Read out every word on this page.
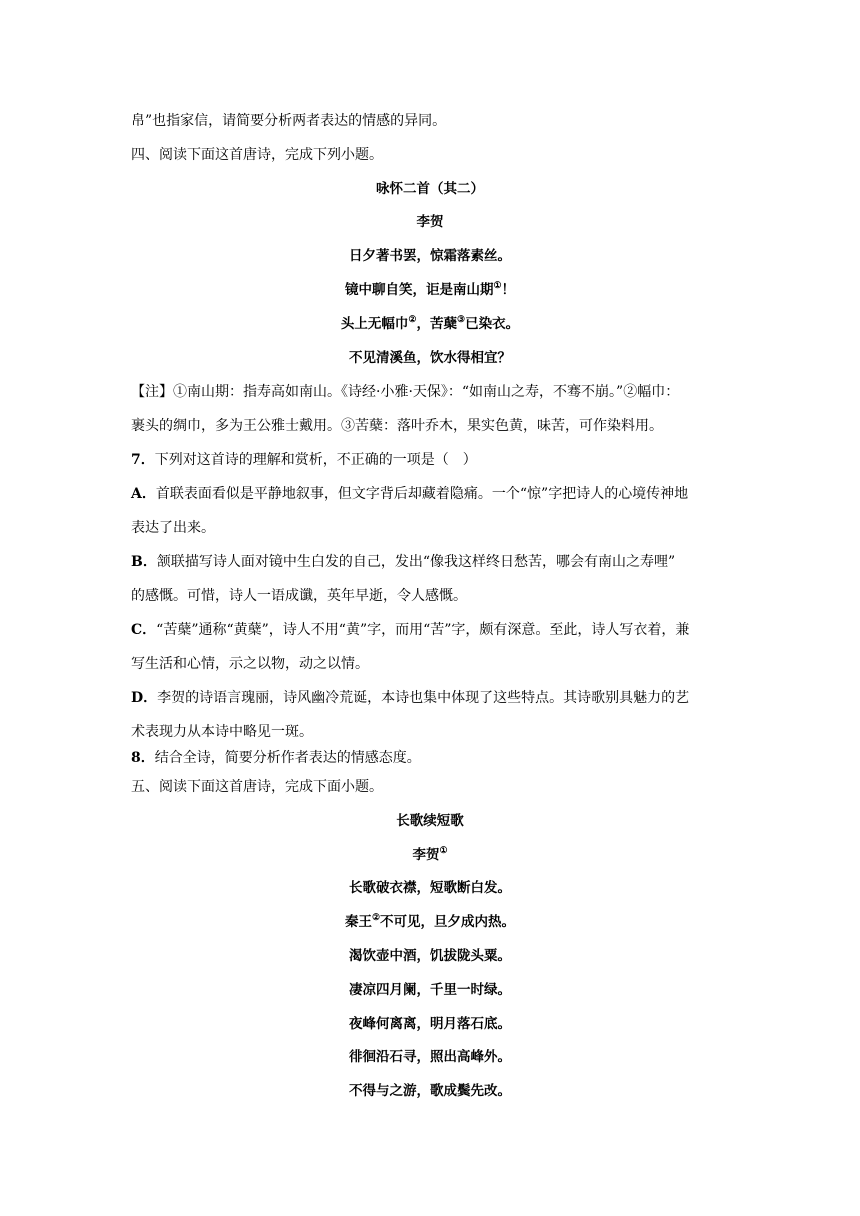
帛”也指家信，请简要分析两者表达的情感的异同。
四、阅读下面这首唐诗，完成下列小题。
咏怀二首（其二）
李贺
日夕著书罢，惊霜落素丝。
镜中聊自笑，讵是南山期①！
头上无幅巾②，苦蘖③已染衣。
不见清溪鱼，饮水得相宜？
【注】①南山期：指寿高如南山。《诗经·小雅·天保》：“如南山之寿，不骞不崩。”②幅巾：
裹头的绸巾，多为王公雅士戴用。③苦蘖：落叶乔木，果实色黄，味苦，可作染料用。
7．下列对这首诗的理解和赏析，不正确的一项是（　）
A．首联表面看似是平静地叙事，但文字背后却藏着隐痛。一个“惊”字把诗人的心境传神地
表达了出来。
B．颔联描写诗人面对镜中生白发的自己，发出“像我这样终日愁苦，哪会有南山之寿哩”
的感慨。可惜，诗人一语成谶，英年早逝，令人感慨。
C．“苦蘖”通称“黄蘖”，诗人不用“黄”字，而用“苦”字，颇有深意。至此，诗人写衣着，兼
写生活和心情，示之以物，动之以情。
D．李贺的诗语言瑰丽，诗风幽冷荒诞，本诗也集中体现了这些特点。其诗歌别具魅力的艺
术表现力从本诗中略见一斑。
8．结合全诗，简要分析作者表达的情感态度。
五、阅读下面这首唐诗，完成下面小题。
长歌续短歌
李贺①
长歌破衣襟，短歌断白发。
秦王②不可见，旦夕成内热。
渴饮壶中酒，饥拔陇头粟。
凄凉四月阑，千里一时绿。
夜峰何离离，明月落石底。
徘徊沿石寻，照出高峰外。
不得与之游，歌成鬓先改。
